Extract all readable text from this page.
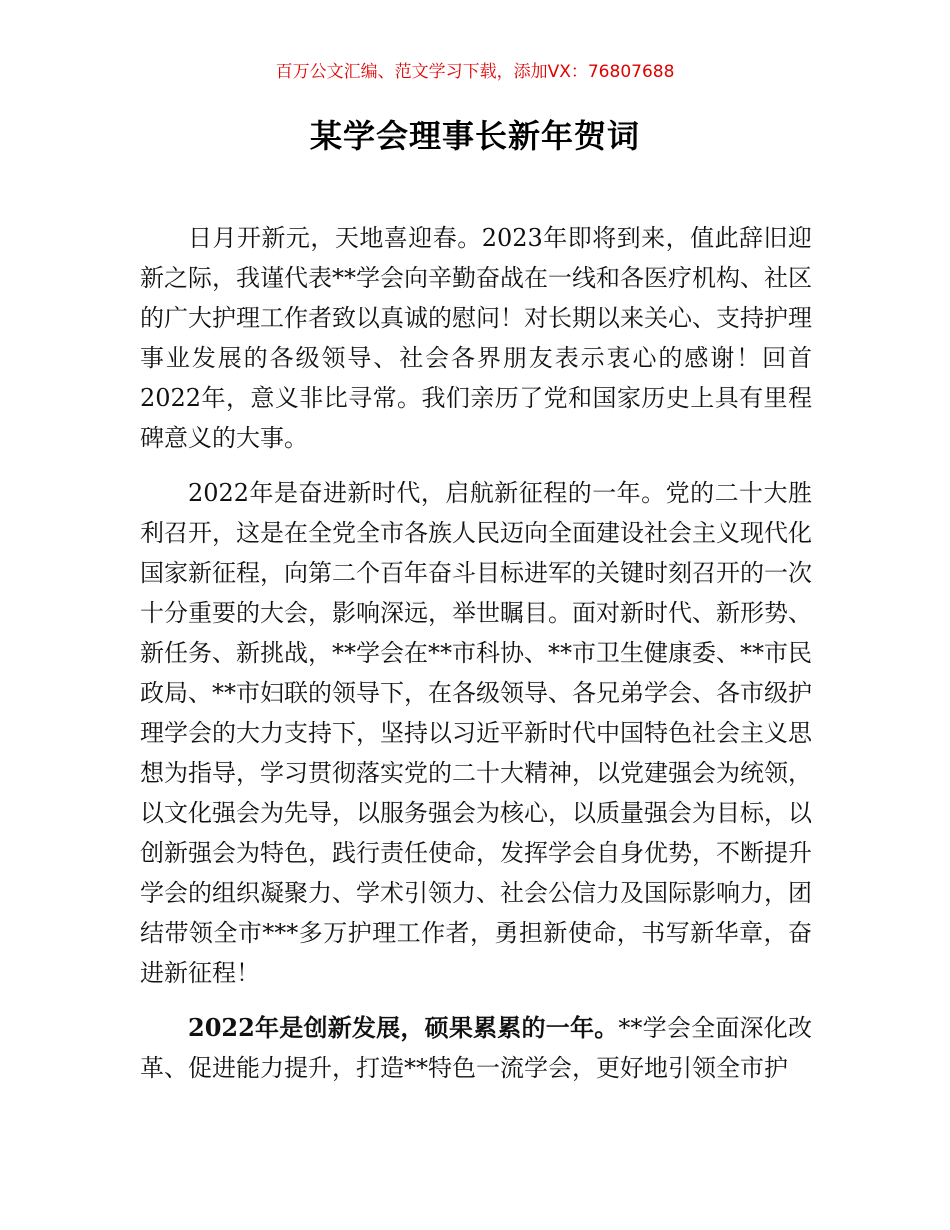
百万公文汇编、范文学习下载，添加VX：76807688
某学会理事长新年贺词

日月开新元，天地喜迎春。2023年即将到来，值此辞旧迎新之际，我谨代表**学会向辛勤奋战在一线和各医疗机构、社区的广大护理工作者致以真诚的慰问！对长期以来关心、支持护理事业发展的各级领导、社会各界朋友表示衷心的感谢！回首2022年，意义非比寻常。我们亲历了党和国家历史上具有里程碑意义的大事。

2022年是奋进新时代，启航新征程的一年。党的二十大胜利召开，这是在全党全市各族人民迈向全面建设社会主义现代化国家新征程，向第二个百年奋斗目标进军的关键时刻召开的一次十分重要的大会，影响深远，举世瞩目。面对新时代、新形势、新任务、新挑战，**学会在**市科协、**市卫生健康委、**市民政局、**市妇联的领导下，在各级领导、各兄弟学会、各市级护理学会的大力支持下，坚持以习近平新时代中国特色社会主义思想为指导，学习贯彻落实党的二十大精神，以党建强会为统领，以文化强会为先导，以服务强会为核心，以质量强会为目标，以创新强会为特色，践行责任使命，发挥学会自身优势，不断提升学会的组织凝聚力、学术引领力、社会公信力及国际影响力，团结带领全市***多万护理工作者，勇担新使命，书写新华章，奋进新征程！

2022年是创新发展，硕果累累的一年。**学会全面深化改革、促进能力提升，打造**特色一流学会，更好地引领全市护
